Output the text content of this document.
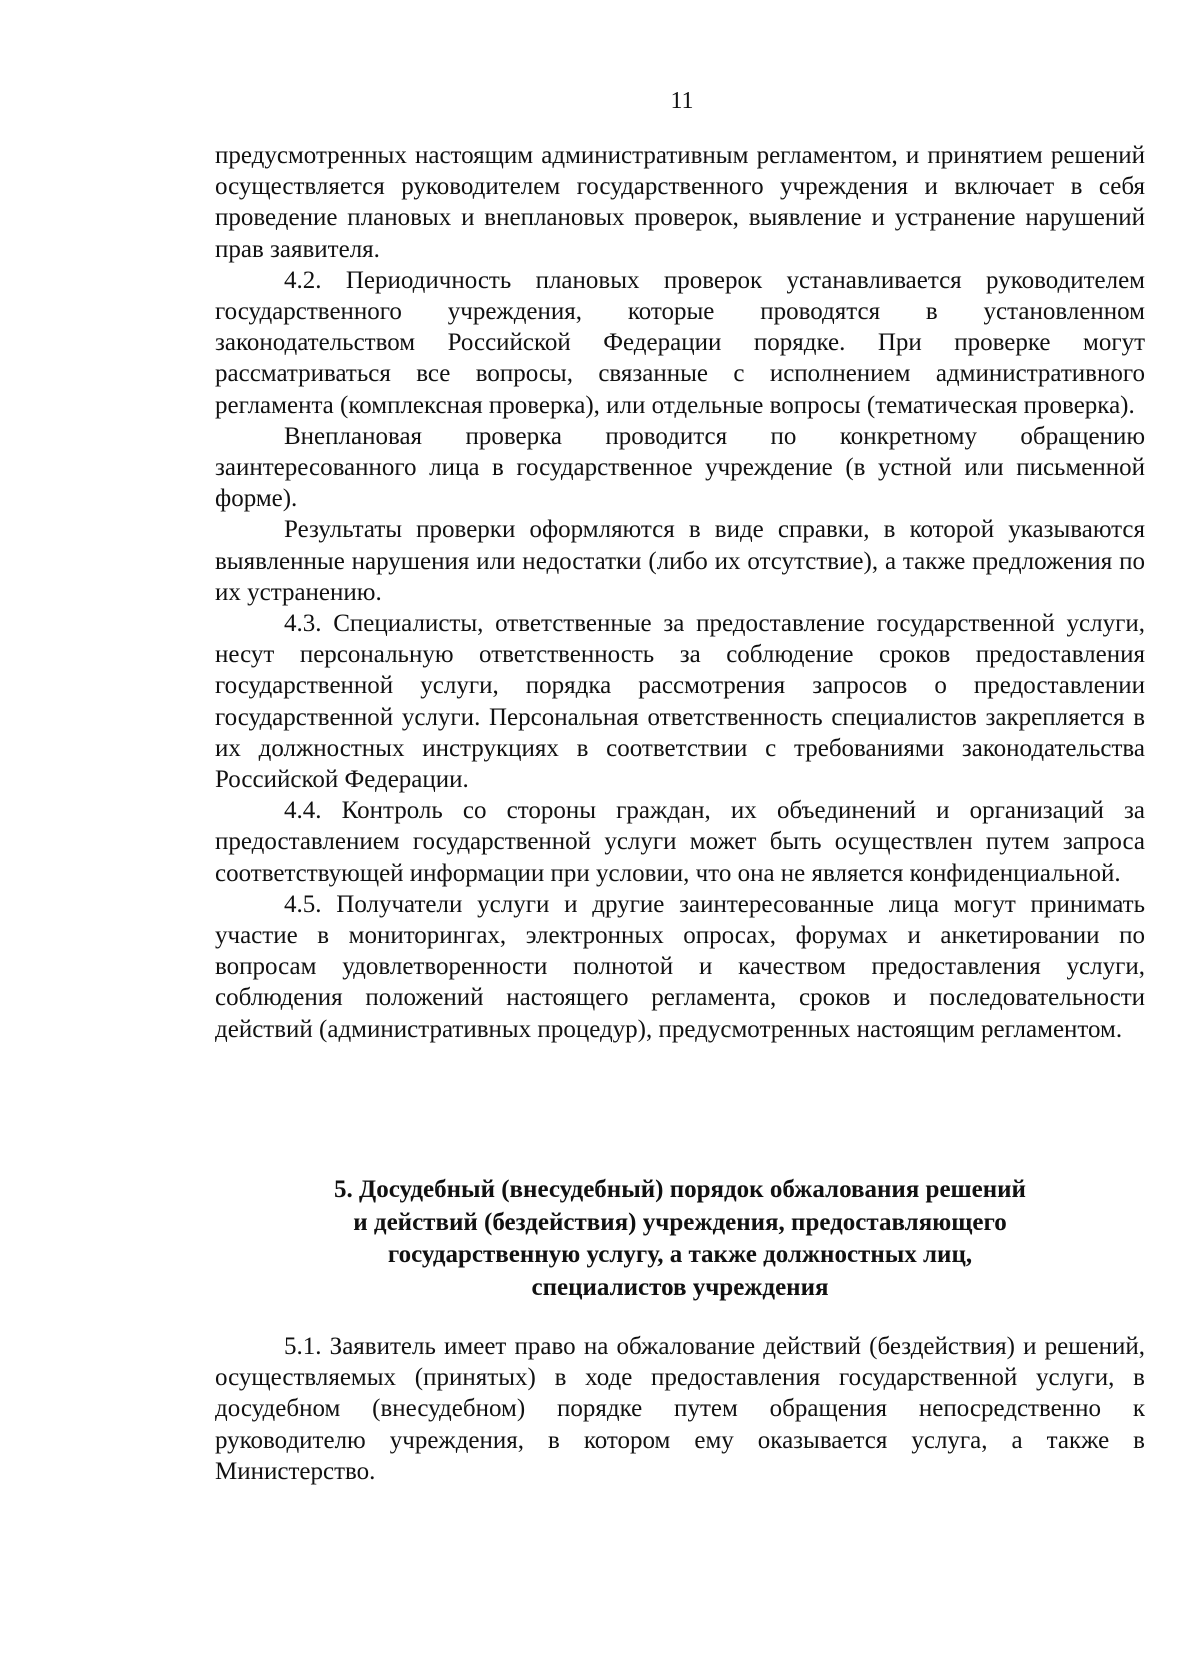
11

предусмотренных настоящим административным регламентом, и принятием решений осуществляется руководителем государственного учреждения и включает в себя проведение плановых и внеплановых проверок, выявление и устранение нарушений прав заявителя.

4.2. Периодичность плановых проверок устанавливается руководителем государственного учреждения, которые проводятся в установленном законодательством Российской Федерации порядке. При проверке могут рассматриваться все вопросы, связанные с исполнением административного регламента (комплексная проверка), или отдельные вопросы (тематическая проверка).

Внеплановая проверка проводится по конкретному обращению заинтересованного лица в государственное учреждение (в устной или письменной форме).

Результаты проверки оформляются в виде справки, в которой указываются выявленные нарушения или недостатки (либо их отсутствие), а также предложения по их устранению.

4.3. Специалисты, ответственные за предоставление государственной услуги, несут персональную ответственность за соблюдение сроков предоставления государственной услуги, порядка рассмотрения запросов о предоставлении государственной услуги. Персональная ответственность специалистов закрепляется в их должностных инструкциях в соответствии с требованиями законодательства Российской Федерации.

4.4. Контроль со стороны граждан, их объединений и организаций за предоставлением государственной услуги может быть осуществлен путем запроса соответствующей информации при условии, что она не является конфиденциальной.

4.5. Получатели услуги и другие заинтересованные лица могут принимать участие в мониторингах, электронных опросах, форумах и анкетировании по вопросам удовлетворенности полнотой и качеством предоставления услуги, соблюдения положений настоящего регламента, сроков и последовательности действий (административных процедур), предусмотренных настоящим регламентом.

5. Досудебный (внесудебный) порядок обжалования решений
и действий (бездействия) учреждения, предоставляющего
государственную услугу, а также должностных лиц,
специалистов учреждения

5.1. Заявитель имеет право на обжалование действий (бездействия) и решений, осуществляемых (принятых) в ходе предоставления государственной услуги, в досудебном (внесудебном) порядке путем обращения непосредственно к руководителю учреждения, в котором ему оказывается услуга, а также в Министерство.
